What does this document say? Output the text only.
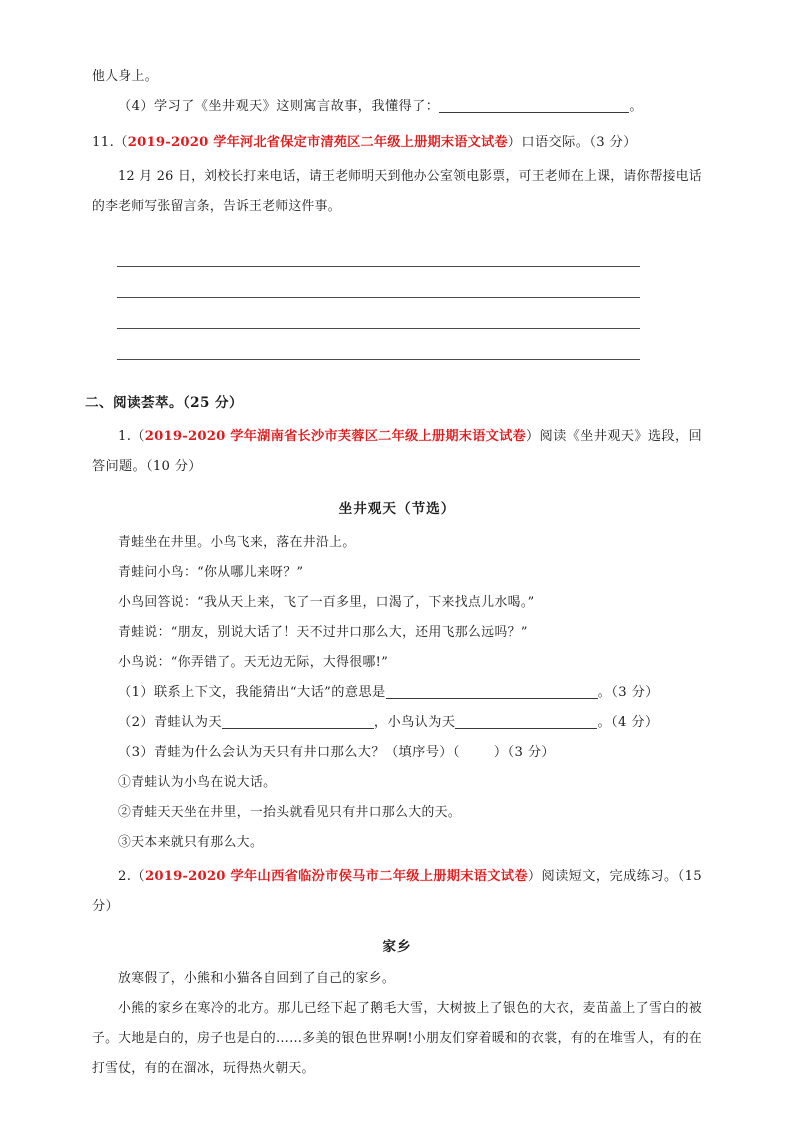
他人身上。
（4）学习了《坐井观天》这则寓言故事，我懂得了：	。
11.（2019-2020 学年河北省保定市清苑区二年级上册期末语文试卷）口语交际。（3 分）
12 月 26 日，刘校长打来电话，请王老师明天到他办公室领电影票，可王老师在上课，请你帮接电话的李老师写张留言条，告诉王老师这件事。
二、阅读荟萃。（25 分）
1.（2019-2020 学年湖南省长沙市芙蓉区二年级上册期末语文试卷）阅读《坐井观天》选段，回答问题。（10 分）
坐井观天（节选）
青蛙坐在井里。小鸟飞来，落在井沿上。
青蛙问小鸟：“你从哪儿来呀？”
小鸟回答说：“我从天上来，飞了一百多里，口渴了，下来找点儿水喝。”
青蛙说：“朋友，别说大话了！天不过井口那么大，还用飞那么远吗？”
小鸟说：“你弄错了。天无边无际，大得很哪!”
（1）联系上下文，我能猜出“大话”的意思是	。（3 分）
（2）青蛙认为天	，小鸟认为天	。（4 分）
（3）青蛙为什么会认为天只有井口那么大？（填序号）（	）（3 分）
①青蛙认为小鸟在说大话。
②青蛙天天坐在井里，一抬头就看见只有井口那么大的天。
③天本来就只有那么大。
2.（2019-2020 学年山西省临汾市侯马市二年级上册期末语文试卷）阅读短文，完成练习。（15 分）
家乡
放寒假了，小熊和小猫各自回到了自己的家乡。
小熊的家乡在寒冷的北方。那儿已经下起了鹅毛大雪，大树披上了银色的大衣，麦苗盖上了雪白的被子。大地是白的，房子也是白的……多美的银色世界啊!小朋友们穿着暖和的衣裳，有的在堆雪人，有的在打雪仗，有的在溜冰，玩得热火朝天。
